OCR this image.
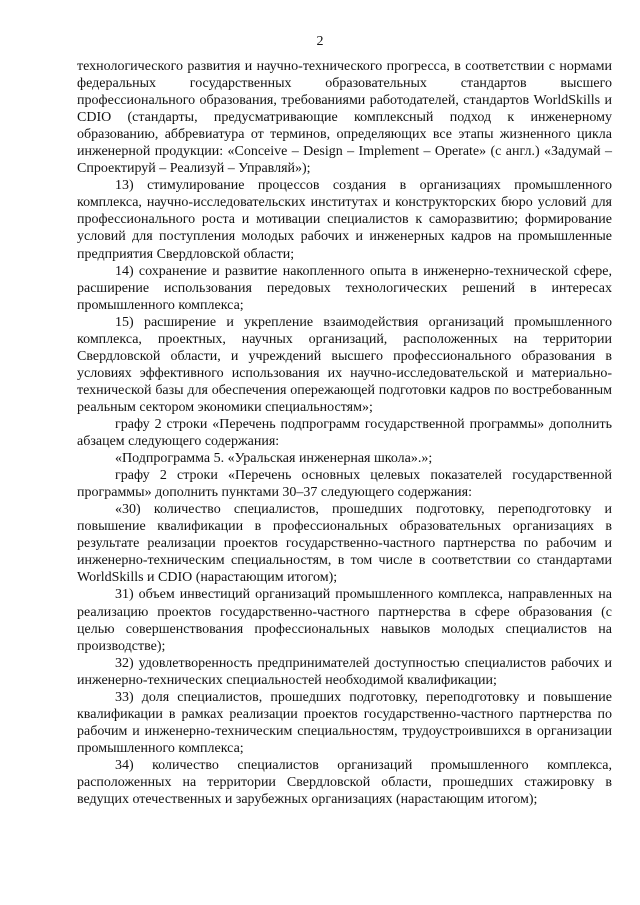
2

технологического развития и научно-технического прогресса, в соответствии с нормами федеральных государственных образовательных стандартов высшего профессионального образования, требованиями работодателей, стандартов WorldSkills и CDIO (стандарты, предусматривающие комплексный подход к инженерному образованию, аббревиатура от терминов, определяющих все этапы жизненного цикла инженерной продукции: «Conceive – Design – Implement – Operate» (с англ.) «Задумай – Спроектируй – Реализуй – Управляй»);

13) стимулирование процессов создания в организациях промышленного комплекса, научно-исследовательских институтах и конструкторских бюро условий для профессионального роста и мотивации специалистов к саморазвитию; формирование условий для поступления молодых рабочих и инженерных кадров на промышленные предприятия Свердловской области;

14) сохранение и развитие накопленного опыта в инженерно-технической сфере, расширение использования передовых технологических решений в интересах промышленного комплекса;

15) расширение и укрепление взаимодействия организаций промышленного комплекса, проектных, научных организаций, расположенных на территории Свердловской области, и учреждений высшего профессионального образования в условиях эффективного использования их научно-исследовательской и материально-технической базы для обеспечения опережающей подготовки кадров по востребованным реальным сектором экономики специальностям»;

графу 2 строки «Перечень подпрограмм государственной программы» дополнить абзацем следующего содержания:

«Подпрограмма 5. «Уральская инженерная школа».»;

графу 2 строки «Перечень основных целевых показателей государственной программы» дополнить пунктами 30–37 следующего содержания:

«30) количество специалистов, прошедших подготовку, переподготовку и повышение квалификации в профессиональных образовательных организациях в результате реализации проектов государственно-частного партнерства по рабочим и инженерно-техническим специальностям, в том числе в соответствии со стандартами WorldSkills и CDIO (нарастающим итогом);

31) объем инвестиций организаций промышленного комплекса, направленных на реализацию проектов государственно-частного партнерства в сфере образования (с целью совершенствования профессиональных навыков молодых специалистов на производстве);

32) удовлетворенность предпринимателей доступностью специалистов рабочих и инженерно-технических специальностей необходимой квалификации;

33) доля специалистов, прошедших подготовку, переподготовку и повышение квалификации в рамках реализации проектов государственно-частного партнерства по рабочим и инженерно-техническим специальностям, трудоустроившихся в организации промышленного комплекса;

34) количество специалистов организаций промышленного комплекса, расположенных на территории Свердловской области, прошедших стажировку в ведущих отечественных и зарубежных организациях (нарастающим итогом);
